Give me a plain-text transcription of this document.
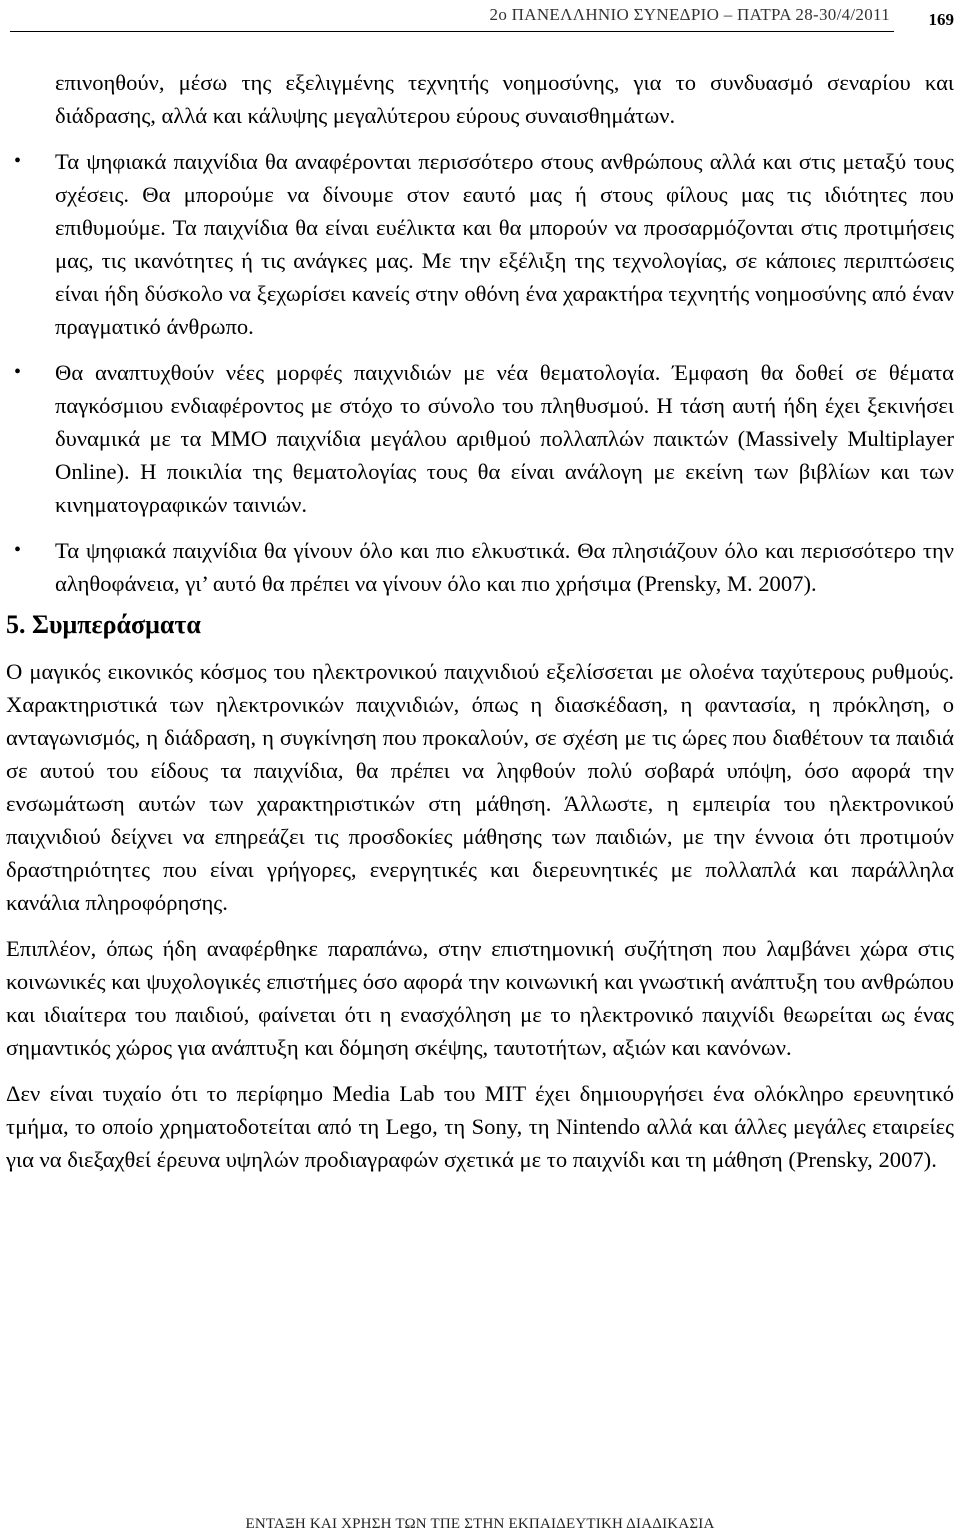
2ο ΠΑΝΕΛΛΗΝΙΟ ΣΥΝΕΔΡΙΟ – ΠΑΤΡΑ 28-30/4/2011 169

επινοηθούν, μέσω της εξελιγμένης τεχνητής νοημοσύνης, για το συνδυασμό σεναρίου και διάδρασης, αλλά και κάλυψης μεγαλύτερου εύρους συναισθημάτων.

• Τα ψηφιακά παιχνίδια θα αναφέρονται περισσότερο στους ανθρώπους αλλά και στις μεταξύ τους σχέσεις. Θα μπορούμε να δίνουμε στον εαυτό μας ή στους φίλους μας τις ιδιότητες που επιθυμούμε. Τα παιχνίδια θα είναι ευέλικτα και θα μπορούν να προσαρμόζονται στις προτιμήσεις μας, τις ικανότητες ή τις ανάγκες μας. Με την εξέλιξη της τεχνολογίας, σε κάποιες περιπτώσεις είναι ήδη δύσκολο να ξεχωρίσει κανείς στην οθόνη ένα χαρακτήρα τεχνητής νοημοσύνης από έναν πραγματικό άνθρωπο.

• Θα αναπτυχθούν νέες μορφές παιχνιδιών με νέα θεματολογία. Έμφαση θα δοθεί σε θέματα παγκόσμιου ενδιαφέροντος με στόχο το σύνολο του πληθυσμού. Η τάση αυτή ήδη έχει ξεκινήσει δυναμικά με τα ΜΜΟ παιχνίδια μεγάλου αριθμού πολλαπλών παικτών (Massively Multiplayer Online). Η ποικιλία της θεματολογίας τους θα είναι ανάλογη με εκείνη των βιβλίων και των κινηματογραφικών ταινιών.

• Τα ψηφιακά παιχνίδια θα γίνουν όλο και πιο ελκυστικά. Θα πλησιάζουν όλο και περισσότερο την αληθοφάνεια, γι’ αυτό θα πρέπει να γίνουν όλο και πιο χρήσιμα (Prensky, M. 2007).

5. Συμπεράσματα

Ο μαγικός εικονικός κόσμος του ηλεκτρονικού παιχνιδιού εξελίσσεται με ολοένα ταχύτερους ρυθμούς. Χαρακτηριστικά των ηλεκτρονικών παιχνιδιών, όπως η διασκέδαση, η φαντασία, η πρόκληση, ο ανταγωνισμός, η διάδραση, η συγκίνηση που προκαλούν, σε σχέση με τις ώρες που διαθέτουν τα παιδιά σε αυτού του είδους τα παιχνίδια, θα πρέπει να ληφθούν πολύ σοβαρά υπόψη, όσο αφορά την ενσωμάτωση αυτών των χαρακτηριστικών στη μάθηση. Άλλωστε, η εμπειρία του ηλεκτρονικού παιχνιδιού δείχνει να επηρεάζει τις προσδοκίες μάθησης των παιδιών, με την έννοια ότι προτιμούν δραστηριότητες που είναι γρήγορες, ενεργητικές και διερευνητικές με πολλαπλά και παράλληλα κανάλια πληροφόρησης.

Επιπλέον, όπως ήδη αναφέρθηκε παραπάνω, στην επιστημονική συζήτηση που λαμβάνει χώρα στις κοινωνικές και ψυχολογικές επιστήμες όσο αφορά την κοινωνική και γνωστική ανάπτυξη του ανθρώπου και ιδιαίτερα του παιδιού, φαίνεται ότι η ενασχόληση με το ηλεκτρονικό παιχνίδι θεωρείται ως ένας σημαντικός χώρος για ανάπτυξη και δόμηση σκέψης, ταυτοτήτων, αξιών και κανόνων.

Δεν είναι τυχαίο ότι το περίφημο Media Lab του MIT έχει δημιουργήσει ένα ολόκληρο ερευνητικό τμήμα, το οποίο χρηματοδοτείται από τη Lego, τη Sony, τη Nintendo αλλά και άλλες μεγάλες εταιρείες για να διεξαχθεί έρευνα υψηλών προδιαγραφών σχετικά με το παιχνίδι και τη μάθηση (Prensky, 2007).

ΕΝΤΑΞΗ ΚΑΙ ΧΡΗΣΗ ΤΩΝ ΤΠΕ ΣΤΗΝ ΕΚΠΑΙΔΕΥΤΙΚΗ ΔΙΑΔΙΚΑΣΙΑ
